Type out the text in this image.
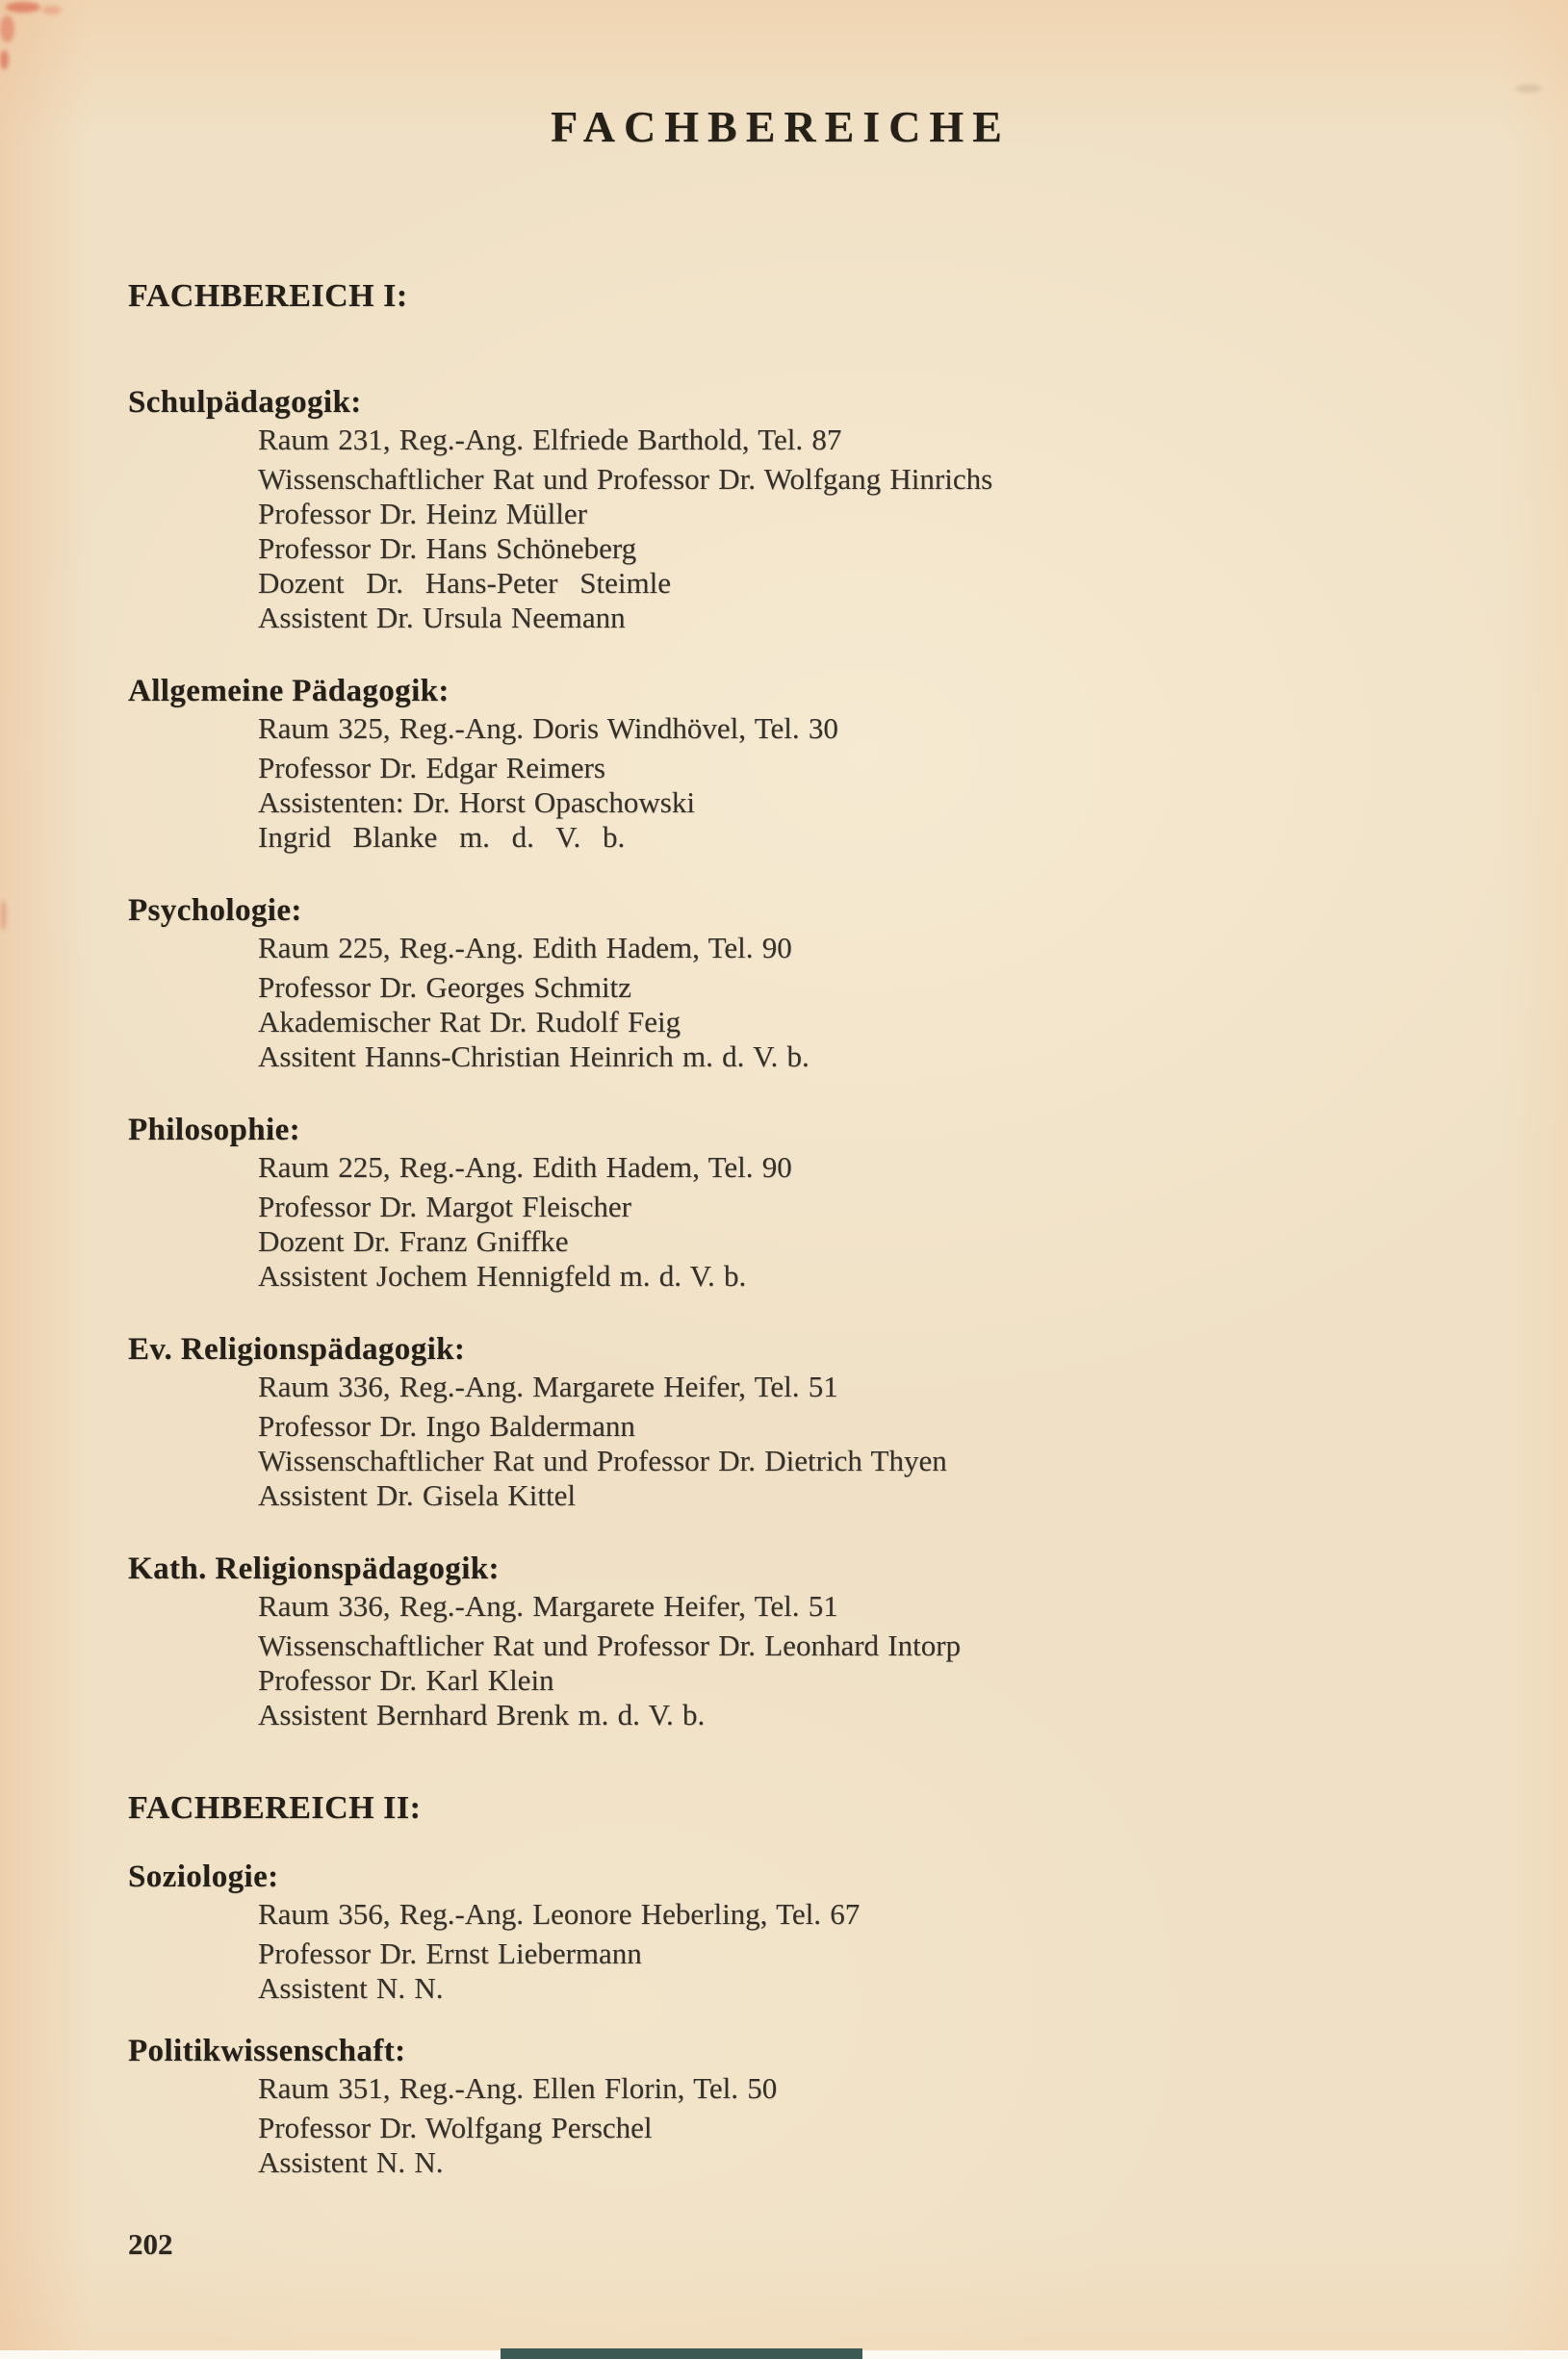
FACHBEREICHE
FACHBEREICH I:
Schulpädagogik:

Raum 231, Reg.-Ang. Elfriede Barthold, Tel. 87

Wissenschaftlicher Rat und Professor Dr. Wolfgang Hinrichs

Professor Dr. Heinz Müller

Professor Dr. Hans Schöneberg

Dozent Dr. Hans-Peter Steimle

Assistent Dr. Ursula Neemann

Allgemeine Pädagogik:

Raum 325, Reg.-Ang. Doris Windhövel, Tel. 30

Professor Dr. Edgar Reimers

Assistenten: Dr. Horst Opaschowski

Ingrid Blanke m. d. V. b.

Psychologie:

Raum 225, Reg.-Ang. Edith Hadem, Tel. 90

Professor Dr. Georges Schmitz

Akademischer Rat Dr. Rudolf Feig

Assitent Hanns-Christian Heinrich m. d. V. b.

Philosophie:

Raum 225, Reg.-Ang. Edith Hadem, Tel. 90

Professor Dr. Margot Fleischer

Dozent Dr. Franz Gniffke

Assistent Jochem Hennigfeld m. d. V. b.

Ev. Religionspädagogik:

Raum 336, Reg.-Ang. Margarete Heifer, Tel. 51

Professor Dr. Ingo Baldermann

Wissenschaftlicher Rat und Professor Dr. Dietrich Thyen

Assistent Dr. Gisela Kittel

Kath. Religionspädagogik:

Raum 336, Reg.-Ang. Margarete Heifer, Tel. 51

Wissenschaftlicher Rat und Professor Dr. Leonhard Intorp

Professor Dr. Karl Klein

Assistent Bernhard Brenk m. d. V. b.

FACHBEREICH II:
Soziologie:

Raum 356, Reg.-Ang. Leonore Heberling, Tel. 67

Professor Dr. Ernst Liebermann

Assistent N. N.

Politikwissenschaft:

Raum 351, Reg.-Ang. Ellen Florin, Tel. 50

Professor Dr. Wolfgang Perschel

Assistent N. N.

202
